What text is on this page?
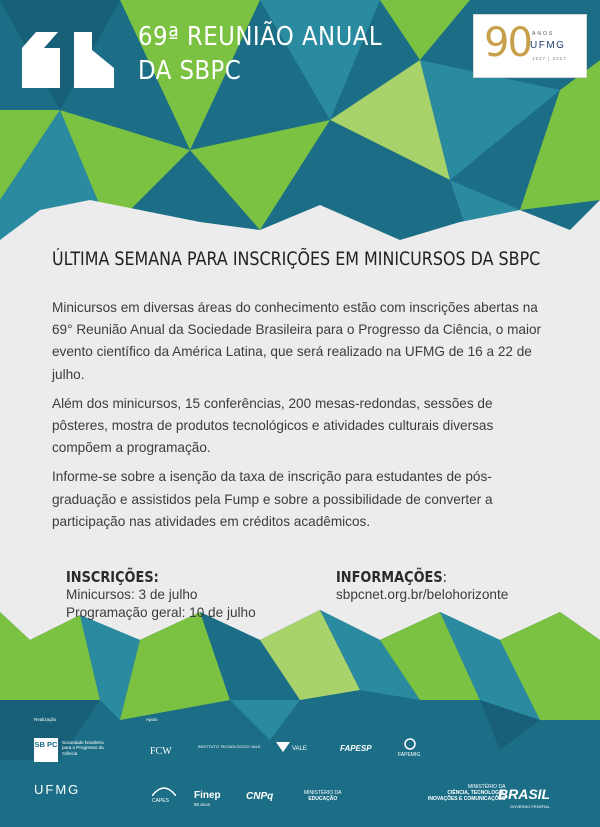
69ª REUNIÃO ANUAL
DA SBPC
90 ANOS
UFMG
1927 | 2017
ÚLTIMA SEMANA PARA INSCRIÇÕES EM MINICURSOS DA SBPC

Minicursos em diversas áreas do conhecimento estão com inscrições abertas na 69° Reunião Anual da Sociedade Brasileira para o Progresso da Ciência, o maior evento científico da América Latina, que será realizado na UFMG de 16 a 22 de julho.

Além dos minicursos, 15 conferências, 200 mesas-redondas, sessões de pôsteres, mostra de produtos tecnológicos e atividades culturais diversas compõem a programação.

Informe-se sobre a isenção da taxa de inscrição para estudantes de pós-graduação e assistidos pela Fump e sobre a possibilidade de converter a participação nas atividades em créditos acadêmicos.

INSCRIÇÕES:
Minicursos: 3 de julho
Programação geral: 10 de julho
INFORMAÇÕES:
sbpcnet.org.br/belohorizonte
Realização	Apoio
SB PC Sociedade brasileira para o Progresso da Ciência
UFMG
FCW	INSTITUTO TECNOLÓGICO VALE	VALE	FAPESP
FAPEMIG
CAPES	Finep
50 anos
CNPq	MINISTÉRIO DA
EDUCAÇÃO
MINISTÉRIO DA
CIÊNCIA, TECNOLOGIA,
INOVAÇÕES E COMUNICAÇÕES
BRASIL
GOVERNO FEDERAL
